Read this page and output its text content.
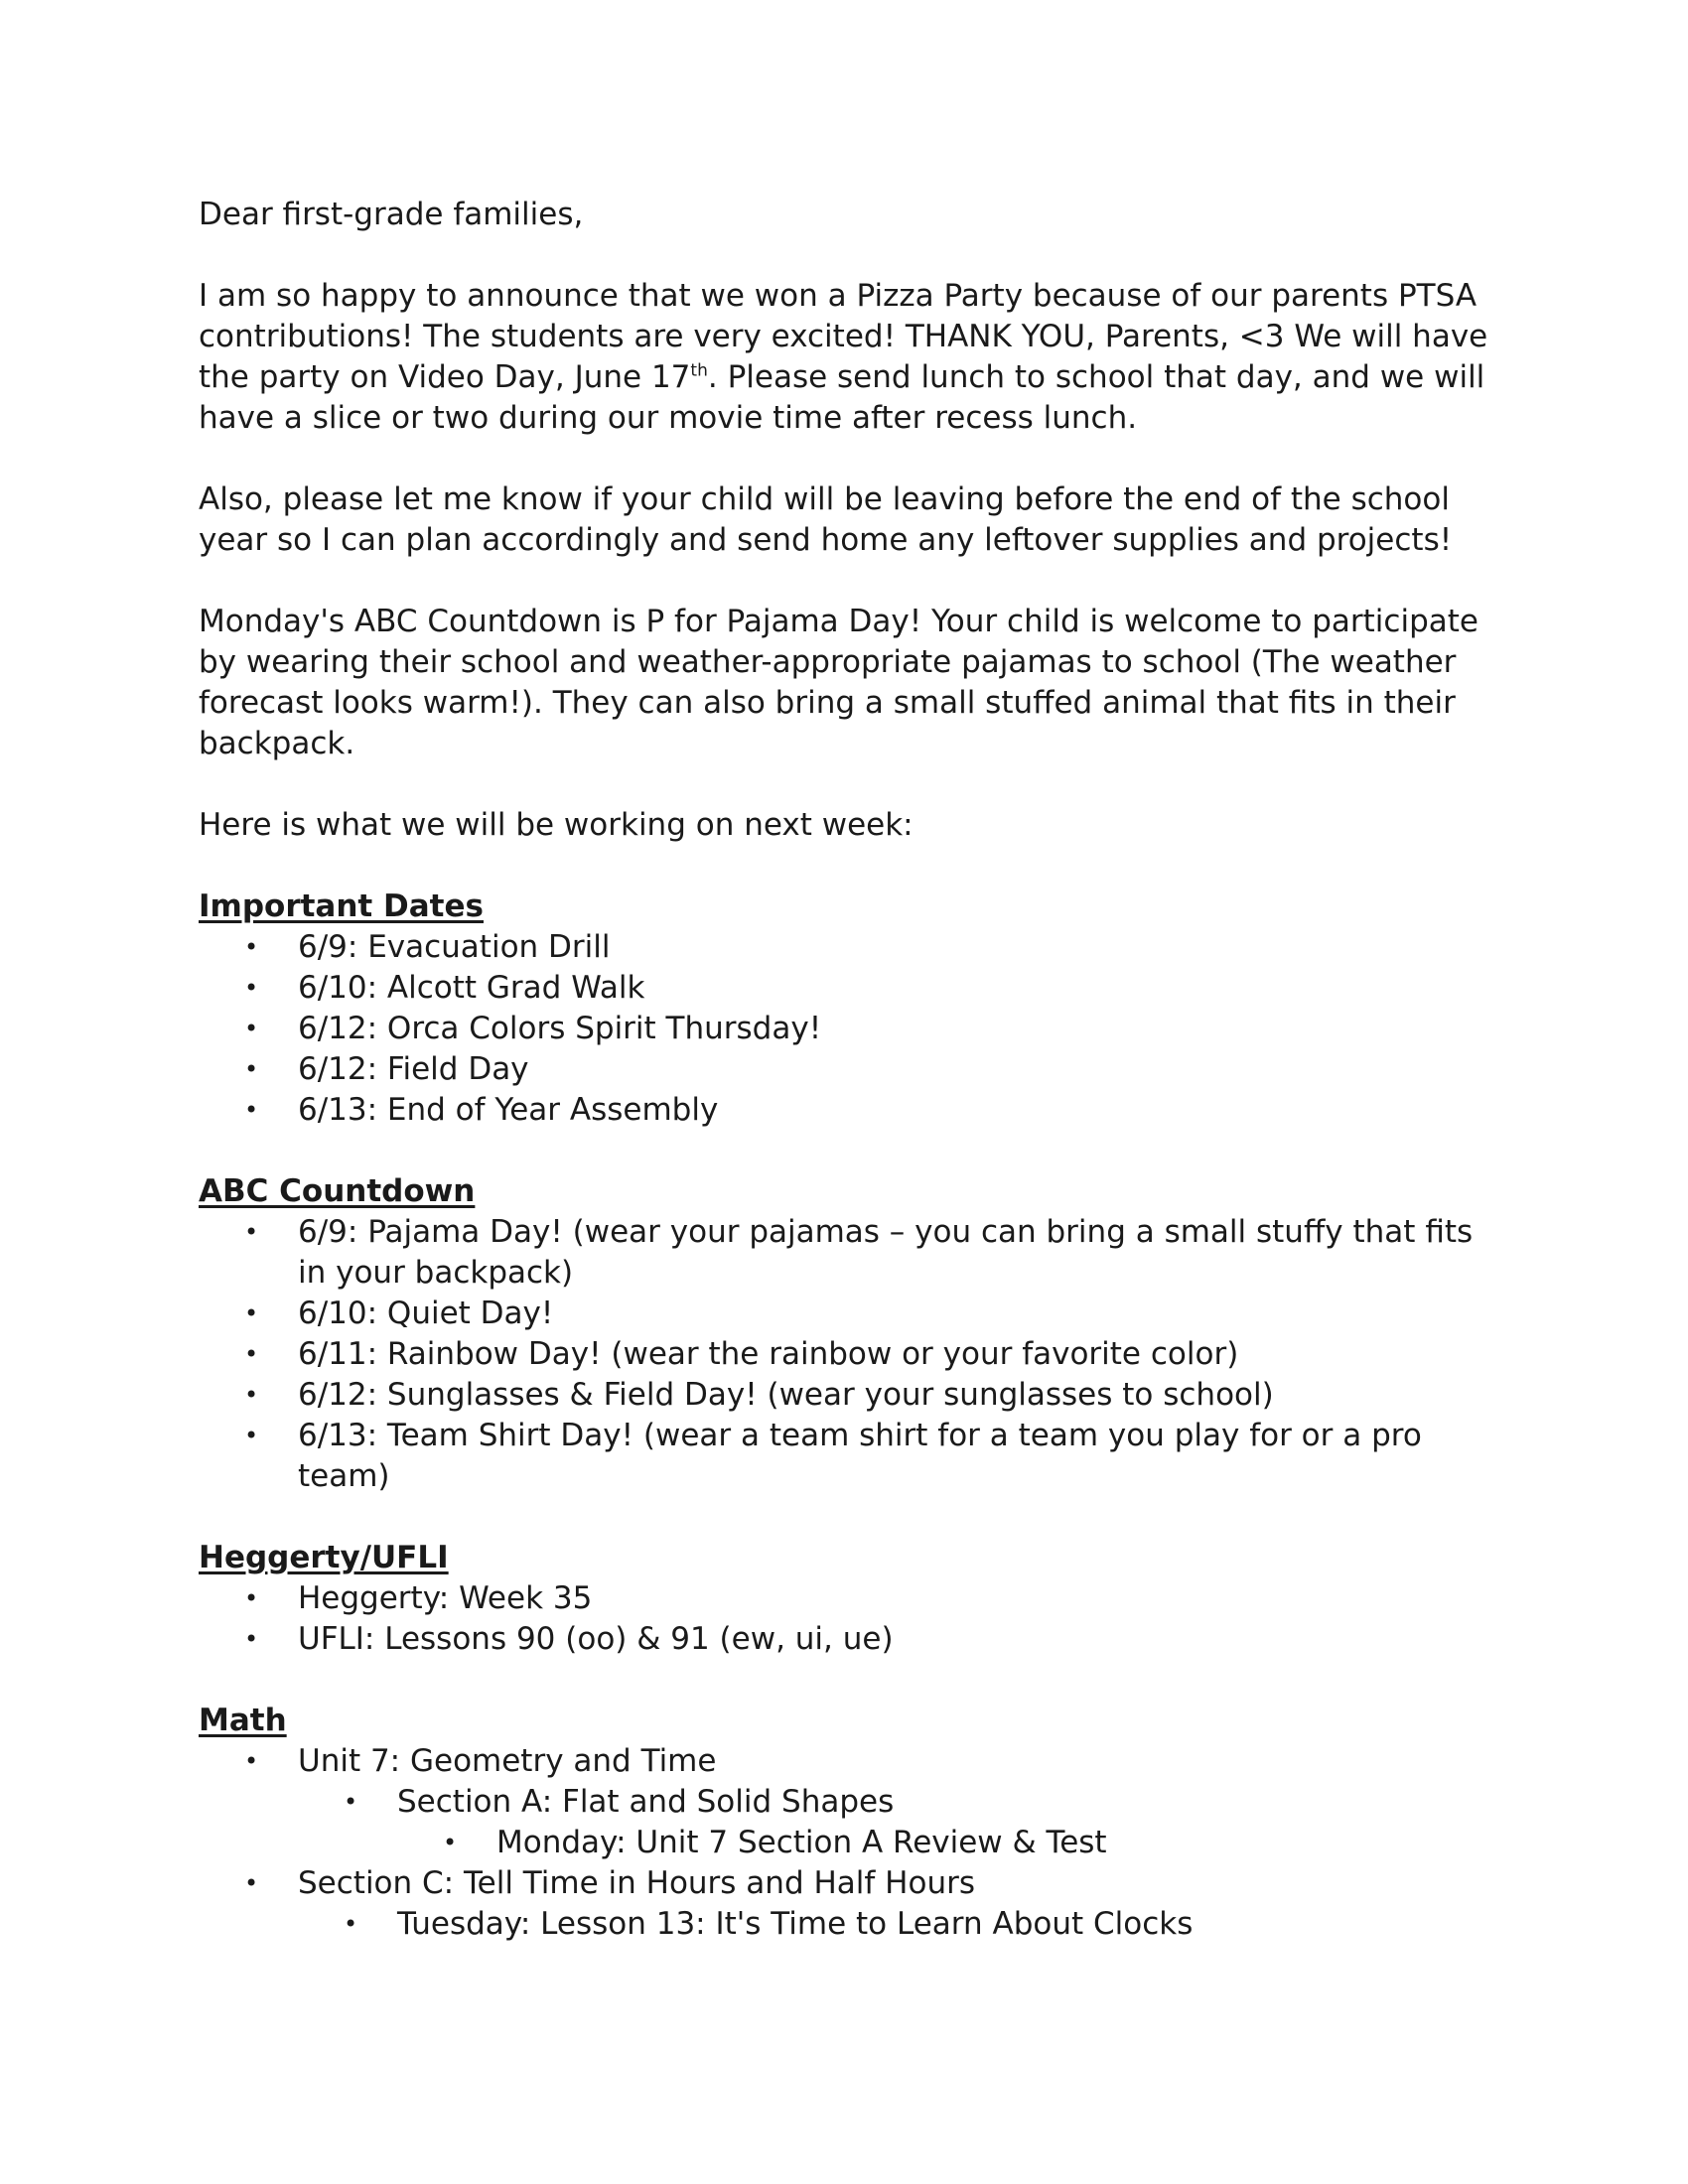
Dear first-grade families,

I am so happy to announce that we won a Pizza Party because of our parents PTSA contributions! The students are very excited! THANK YOU, Parents, <3 We will have the party on Video Day, June 17th. Please send lunch to school that day, and we will have a slice or two during our movie time after recess lunch.

Also, please let me know if your child will be leaving before the end of the school year so I can plan accordingly and send home any leftover supplies and projects!

Monday's ABC Countdown is P for Pajama Day! Your child is welcome to participate by wearing their school and weather-appropriate pajamas to school (The weather forecast looks warm!). They can also bring a small stuffed animal that fits in their backpack.

Here is what we will be working on next week:

Important Dates
• 6/9: Evacuation Drill
• 6/10: Alcott Grad Walk
• 6/12: Orca Colors Spirit Thursday!
• 6/12: Field Day
• 6/13: End of Year Assembly
ABC Countdown
• 6/9: Pajama Day! (wear your pajamas – you can bring a small stuffy that fits in your backpack)
• 6/10: Quiet Day!
• 6/11: Rainbow Day! (wear the rainbow or your favorite color)
• 6/12: Sunglasses & Field Day! (wear your sunglasses to school)
• 6/13: Team Shirt Day! (wear a team shirt for a team you play for or a pro team)
Heggerty/UFLI
• Heggerty: Week 35
• UFLI: Lessons 90 (oo) & 91 (ew, ui, ue)
Math
• Unit 7: Geometry and Time
• Section A: Flat and Solid Shapes
• Monday: Unit 7 Section A Review & Test
• Section C: Tell Time in Hours and Half Hours
• Tuesday: Lesson 13: It's Time to Learn About Clocks
